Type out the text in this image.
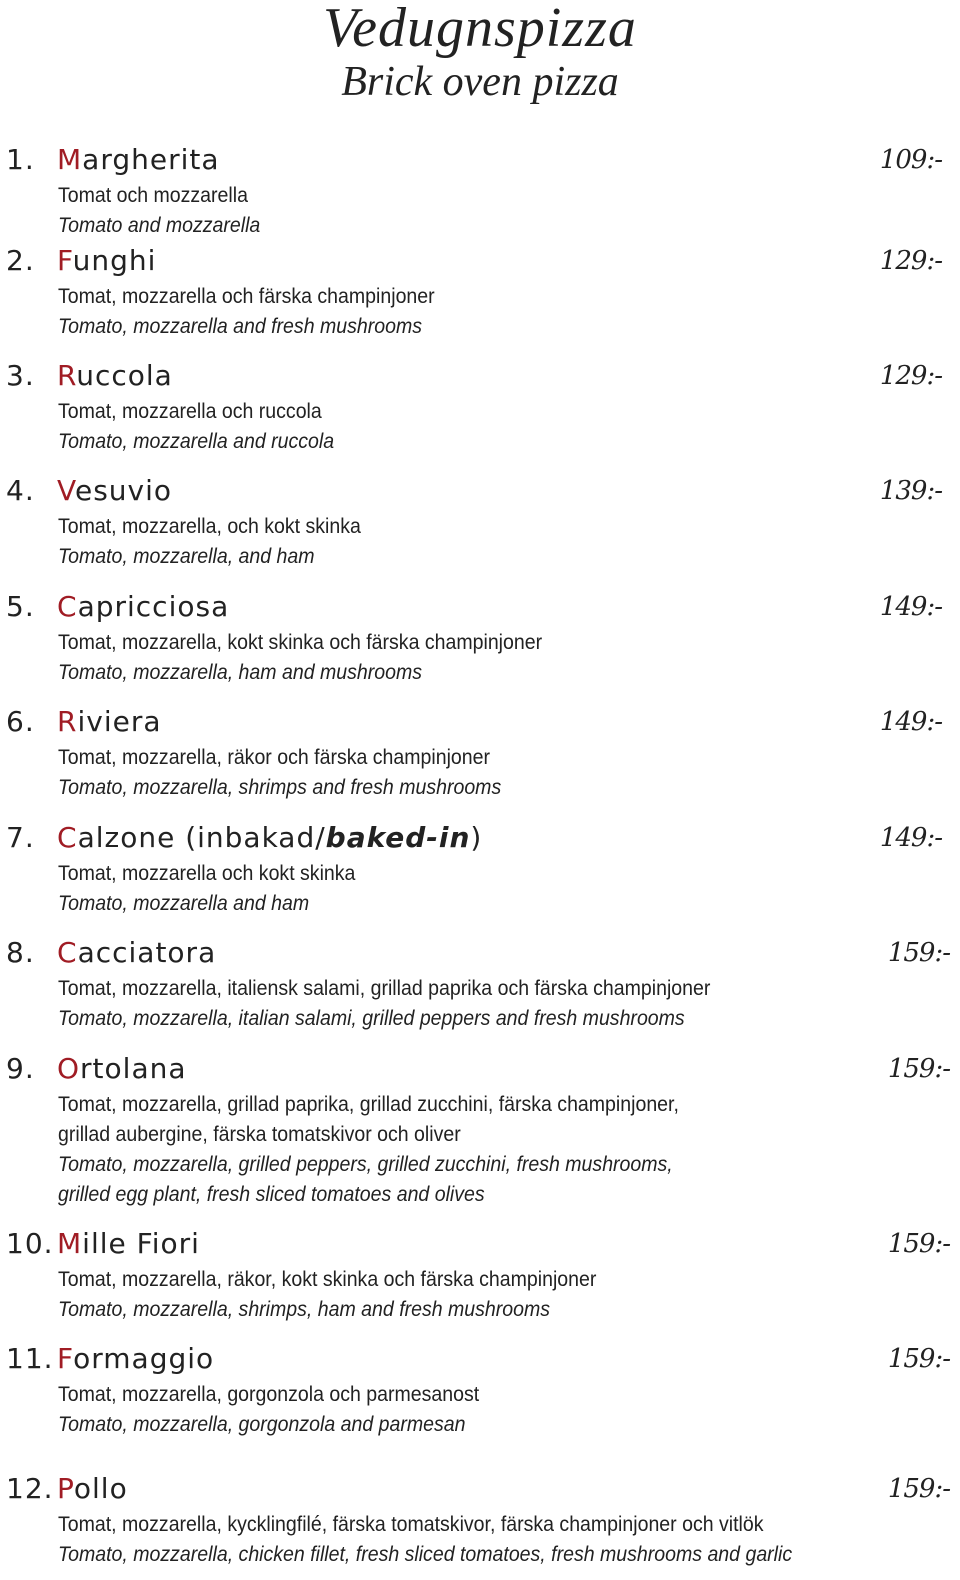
Vedugnspizza
Brick oven pizza
1. Margherita	109:-
Tomat och mozzarella
Tomato and mozzarella
2. Funghi	129:-
Tomat, mozzarella och färska champinjoner
Tomato, mozzarella and fresh mushrooms
3. Ruccola	129:-
Tomat, mozzarella och ruccola
Tomato, mozzarella and ruccola
4. Vesuvio	139:-
Tomat, mozzarella, och kokt skinka
Tomato, mozzarella, and ham
5. Capricciosa	149:-
Tomat, mozzarella, kokt skinka och färska champinjoner
Tomato, mozzarella, ham and mushrooms
6. Riviera	149:-
Tomat, mozzarella, räkor och färska champinjoner
Tomato, mozzarella, shrimps and fresh mushrooms
7. Calzone (inbakad/baked-in)	149:-
Tomat, mozzarella och kokt skinka
Tomato, mozzarella and ham
8. Cacciatora	159:-
Tomat, mozzarella, italiensk salami, grillad paprika och färska champinjoner
Tomato, mozzarella, italian salami, grilled peppers and fresh mushrooms
9. Ortolana	159:-
Tomat, mozzarella, grillad paprika, grillad zucchini, färska champinjoner,
grillad aubergine, färska tomatskivor och oliver
Tomato, mozzarella, grilled peppers, grilled zucchini, fresh mushrooms,
grilled egg plant, fresh sliced tomatoes and olives
10. Mille Fiori	159:-
Tomat, mozzarella, räkor, kokt skinka och färska champinjoner
Tomato, mozzarella, shrimps, ham and fresh mushrooms
11. Formaggio	159:-
Tomat, mozzarella, gorgonzola och parmesanost
Tomato, mozzarella, gorgonzola and parmesan
12. Pollo	159:-
Tomat, mozzarella, kycklingfilé, färska tomatskivor, färska champinjoner och vitlök
Tomato, mozzarella, chicken fillet, fresh sliced tomatoes, fresh mushrooms and garlic
